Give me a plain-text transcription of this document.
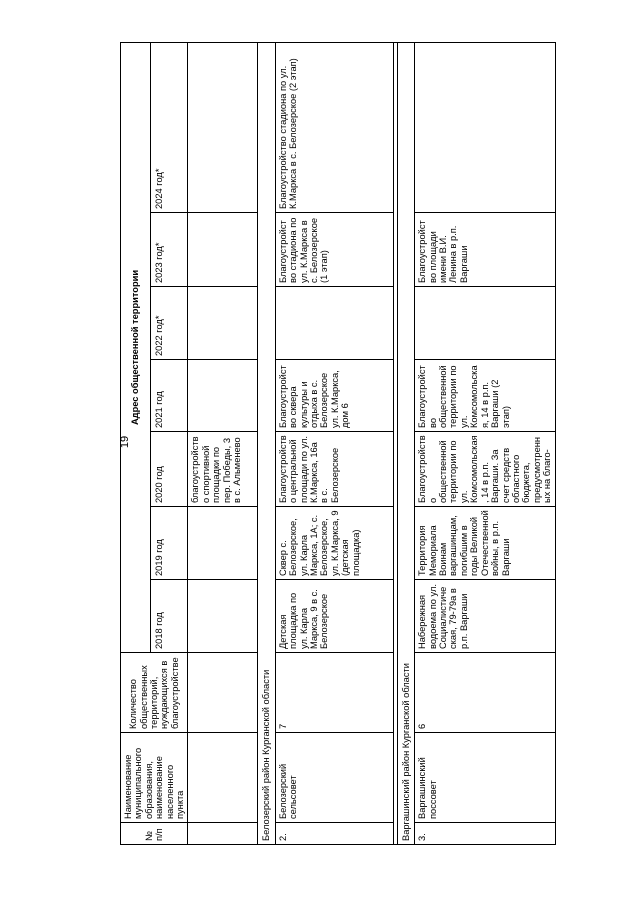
19
№ п/п	Наименование муниципального образования, наименование населенного пункта	Количество общественных территорий, нуждающихся в благоустройстве	Адрес общественной территории						
			2018 год	2019 год	2020 год	2021 год	2022 год*	2023 год*	2024 год*
					благоустройство спортивной площадки по пер. Победы, 3 в с. Альменево				
Белозерский район Курганской области									
2.	Белозерский сельсовет	7	Детская площадка по ул. Карла Маркса, 9 в с. Белозерское	Сквер с. Белозерское, ул. Карла Маркса, 1А; с. Белозерское, ул. К.Маркса, 9 (детская площадка)	Благоустройство центральной площади по ул. К.Маркса, 16а в с. Белозерское	Благоустройство сквера культуры и отдыха в с. Белозерское ул. К.Маркса, дом 6		Благоустройство стадиона по ул. К.Маркса в с. Белозерское (1 этап)	Благоустройство стадиона по ул. К.Маркса в с. Белозерское (2 этап)

Варгашинский район Курганской области									
3.	Варгашинский поссовет	6	Набережная водоема по ул. Социалистическая, 79-79а в р.п. Варгаши	Территория Мемориала Воинам варгашинцам, погибшим в годы Великой Отечественной войны, в р.п. Варгаши	Благоустройство общественной территории по ул. Комсомольская, 14 в р.п. Варгаши. За счет средств областного бюджета, предусмотренных на благо-	Благоустройство общественной территории по ул. Комсомольская, 14 в р.п. Варгаши (2 этап)		Благоустройство площади имени В.И. Ленина в р.п. Варгаши	
